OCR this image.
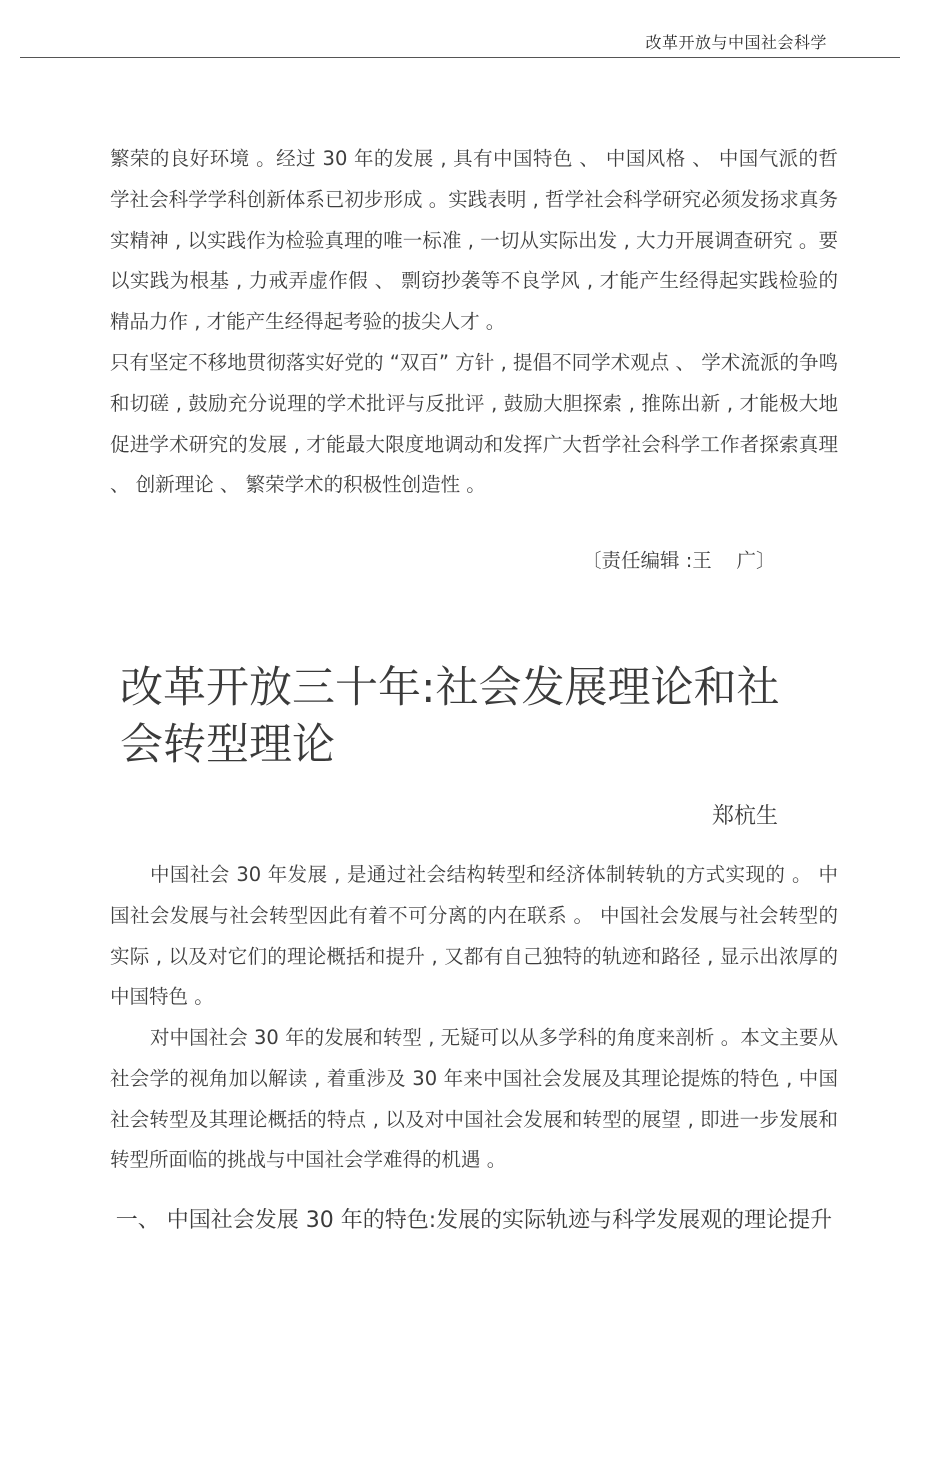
改革开放与中国社会科学

繁荣的良好环境 。经过 30 年的发展 , 具有中国特色 、 中国风格 、 中国气派的哲学社会科学学科创新体系已初步形成 。实践表明 , 哲学社会科学研究必须发扬求真务实精神 , 以实践作为检验真理的唯一标准 , 一切从实际出发 , 大力开展调查研究 。要以实践为根基 , 力戒弄虚作假 、 剽窃抄袭等不良学风 , 才能产生经得起实践检验的精品力作 , 才能产生经得起考验的拔尖人才 。

只有坚定不移地贯彻落实好党的 “双百” 方针 , 提倡不同学术观点 、 学术流派的争鸣和切磋 , 鼓励充分说理的学术批评与反批评 , 鼓励大胆探索 , 推陈出新 , 才能极大地促进学术研究的发展 , 才能最大限度地调动和发挥广大哲学社会科学工作者探索真理 、 创新理论 、 繁荣学术的积极性创造性 。

〔责任编辑 :王    广〕
改革开放三十年:社会发展理论和社会转型理论
郑杭生

中国社会 30 年发展 , 是通过社会结构转型和经济体制转轨的方式实现的 。 中国社会发展与社会转型因此有着不可分离的内在联系 。 中国社会发展与社会转型的实际 , 以及对它们的理论概括和提升 , 又都有自己独特的轨迹和路径 , 显示出浓厚的中国特色 。

对中国社会 30 年的发展和转型 , 无疑可以从多学科的角度来剖析 。本文主要从社会学的视角加以解读 , 着重涉及 30 年来中国社会发展及其理论提炼的特色 , 中国社会转型及其理论概括的特点 , 以及对中国社会发展和转型的展望 , 即进一步发展和转型所面临的挑战与中国社会学难得的机遇 。

一、 中国社会发展 30 年的特色:发展的实际轨迹与科学发展观的理论提升
